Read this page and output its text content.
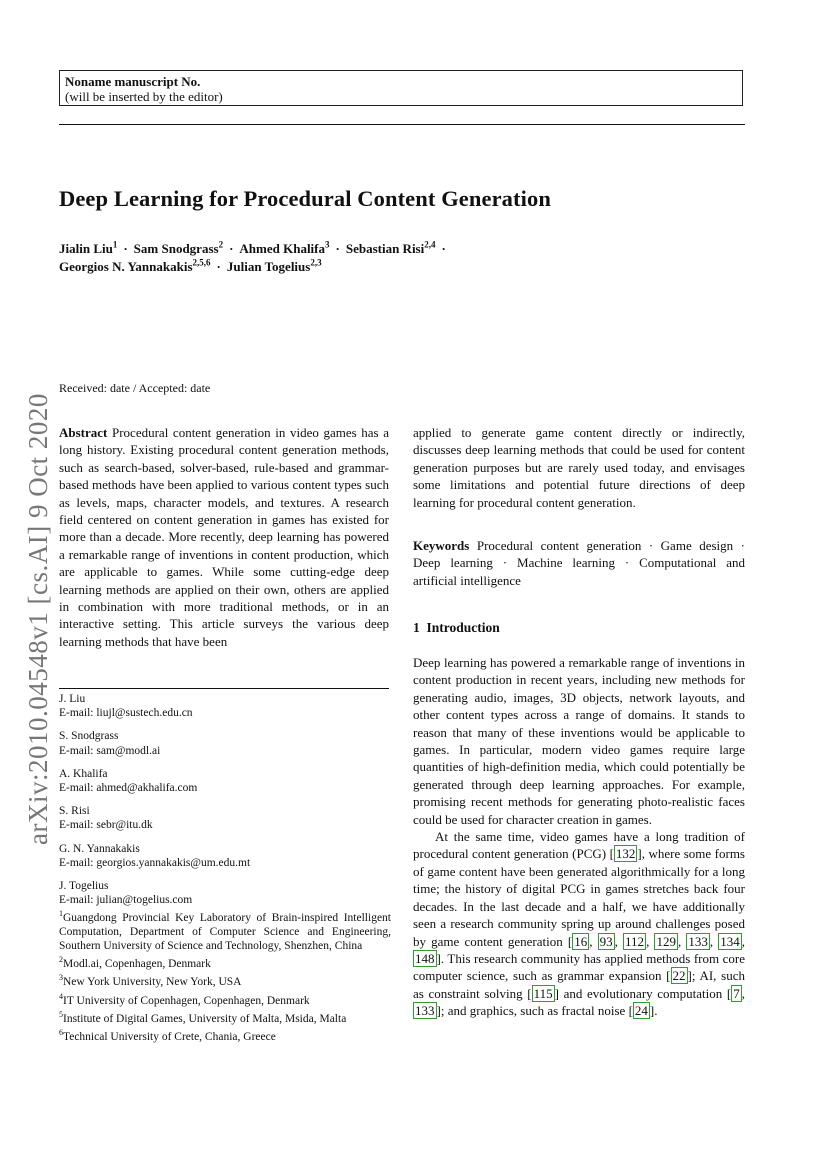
Noname manuscript No.
(will be inserted by the editor)
Deep Learning for Procedural Content Generation
Jialin Liu$^1$ · Sam Snodgrass$^2$ · Ahmed Khalifa$^3$ · Sebastian Risi$^{2,4}$ ·
Georgios N. Yannakakis$^{2,5,6}$ · Julian Togelius$^{2,3}$
Received: date / Accepted: date
arXiv:2010.04548v1 [cs.AI] 9 Oct 2020 Abstract Procedural content generation in video games has a long history. Existing procedural content generation methods, such as search-based, solver-based, rule-based and grammar-based methods have been applied to various content types such as levels, maps, character models, and textures. A research field centered on content generation in games has existed for more than a decade. More recently, deep learning has powered a remarkable range of inventions in content production, which are applicable to games. While some cutting-edge deep learning methods are applied on their own, others are applied in combination with more traditional methods, or in an interactive setting. This article surveys the various deep learning methods that have been

applied to generate game content directly or indirectly, discusses deep learning methods that could be used for content generation purposes but are rarely used today, and envisages some limitations and potential future directions of deep learning for procedural content generation.

Keywords Procedural content generation · Game design · Deep learning · Machine learning · Computational and artificial intelligence

1 Introduction

Deep learning has powered a remarkable range of inventions in content production in recent years, including new methods for generating audio, images, 3D objects, network layouts, and other content types across a range of domains. It stands to reason that many of these inventions would be applicable to games. In particular, modern video games require large quantities of high-definition media, which could potentially be generated through deep learning approaches. For example, promising recent methods for generating photo-realistic faces could be used for character creation in games.

At the same time, video games have a long tradition of procedural content generation (PCG) [ 132 ], where some forms of game content have been generated algorithmically for a long time; the history of digital PCG in games stretches back four decades. In the last decade and a half, we have additionally seen a research community spring up around challenges posed by game content generation [ 16 , 93 , 112 , 129 , 133 , 134 , 148 ]. This research community has applied methods from core computer science, such as grammar expansion [ 22 ]; AI, such as constraint solving [ 115 ] and evolutionary computation [ 7 , 133 ]; and graphics, such as fractal noise [ 24 ].

J. Liu
E-mail: liujl@sustech.edu.cn
S. Snodgrass
E-mail: sam@modl.ai
A. Khalifa
E-mail: ahmed@akhalifa.com
S. Risi
E-mail: sebr@itu.dk
G. N. Yannakakis
E-mail: georgios.yannakakis@um.edu.mt
J. Togelius
E-mail: julian@togelius.com
$^1$Guangdong Provincial Key Laboratory of Brain-inspired Intelligent Computation, Department of Computer Science and Engineering, Southern University of Science and Technology, Shenzhen, China
$^2$Modl.ai, Copenhagen, Denmark
$^3$New York University, New York, USA
$^4$IT University of Copenhagen, Copenhagen, Denmark
$^5$Institute of Digital Games, University of Malta, Msida, Malta
$^6$Technical University of Crete, Chania, Greece
